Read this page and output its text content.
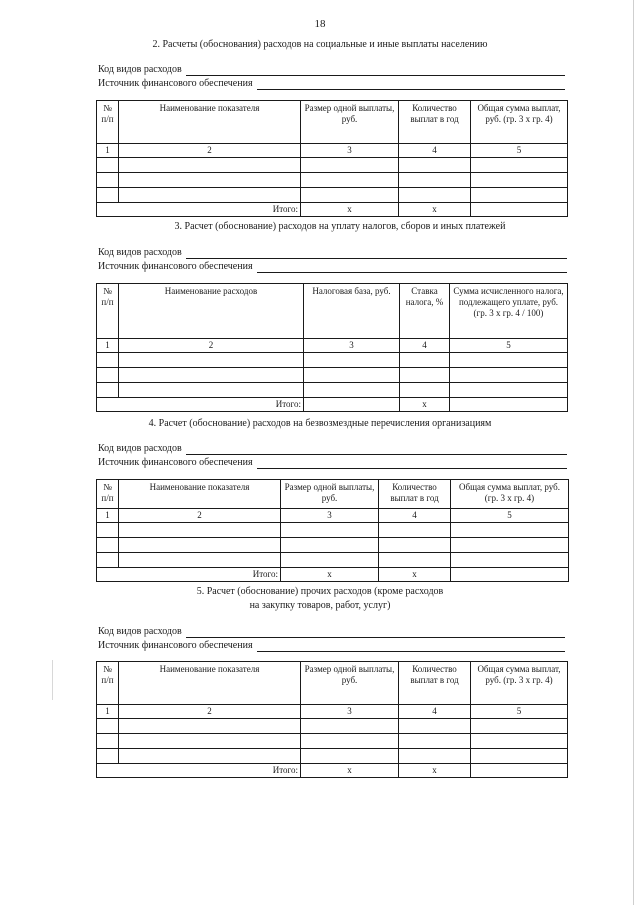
18
2. Расчеты (обоснования) расходов на социальные и иные выплаты населению
Код видов расходов
Источник финансового обеспечения
№ п/п	Наименование показателя	Размер одной выплаты, руб.	Количество выплат в год	Общая сумма выплат, руб. (гр. 3 х гр. 4)
1	2	3	4	5

	Итого:	х	х	
3. Расчет (обоснование) расходов на уплату налогов, сборов и иных платежей
Код видов расходов
Источник финансового обеспечения
№ п/п	Наименование расходов	Налоговая база, руб.	Ставка налога, %	Сумма исчисленного налога, подлежащего уплате, руб. (гр. 3 х гр. 4 / 100)
1	2	3	4	5

	Итого:		х	
4. Расчет (обоснование) расходов на безвозмездные перечисления организациям
Код видов расходов
Источник финансового обеспечения
№ п/п	Наименование показателя	Размер одной выплаты, руб.	Количество выплат в год	Общая сумма выплат, руб. (гр. 3 х гр. 4)
1	2	3	4	5

	Итого:	х	х	
5. Расчет (обоснование) прочих расходов (кроме расходов
на закупку товаров, работ, услуг)
Код видов расходов
Источник финансового обеспечения
№ п/п	Наименование показателя	Размер одной выплаты, руб.	Количество выплат в год	Общая сумма выплат, руб. (гр. 3 х гр. 4)
1	2	3	4	5

	Итого:	х	х	
